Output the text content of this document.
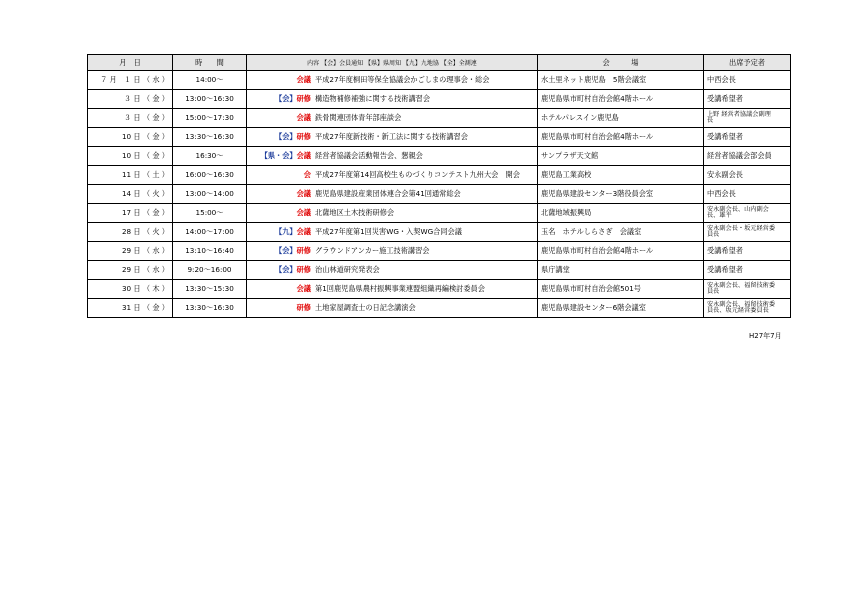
月　日	時　　間	内容 【会】会員通知 【県】県周知 【九】九地協 【全】全測連	会　　　場	出席予定者
７ 月　１ 日 （ 水 ）	14:00～	会議 平成27年度桐田等保全協議会かごしまの理事会・総会	水土里ネット鹿児島　5階会議室	中西会長

３ 日 （ 金 ）	13:00～16:30	【会】研修 構造物補修補強に関する技術講習会	鹿児島県市町村自治会館4階ホール	受講希望者

３ 日 （ 金 ）	15:00～17:30	会議 鉄骨関連団体青年部座談会	ホテルパレスイン鹿児島	上野 経営者協議会副理
長

10 日 （ 金 ）	13:30～16:30	【会】研修 平成27年度新技術・新工法に関する技術講習会	鹿児島県市町村自治会館4階ホール	受講希望者

10 日 （ 金 ）	16:30～	【県・会】会議 経営者協議会活動報告会、懇親会	サンプラザ天文館	経営者協議会部会員

11 日 （ 土 ）	16:00～16:30	会 平成27年度第14回高校生ものづくりコンテスト九州大会　開会	鹿児島工業高校	安永副会長

14 日 （ 火 ）	13:00～14:00	会議 鹿児島県建設産業団体連合会第41回通常総会	鹿児島県建設センター3階役員会室	中西会長

17 日 （ 金 ）	15:00～	会議 北薩地区土木技術研修会	北薩地域振興局	安永副会長、山内副会
長、雄平

28 日 （ 火 ）	14:00～17:00	【九】会議 平成27年度第1回災害WG・入契WG合同会議	玉名　ホテルしらさぎ　会議室	安永副会長・坂元経営委
員長

29 日 （ 水 ）	13:10～16:40	【会】研修 グラウンドアンカー施工技術講習会	鹿児島県市町村自治会館4階ホール	受講希望者

29 日 （ 水 ）	9:20～16:00	【会】研修 治山林道研究発表会	県庁講堂	受講希望者

30 日 （ 木 ）	13:30～15:30	会議 第1回鹿児島県農村振興事業連盟組織再編検討委員会	鹿児島県市町村自治会館501号	安永副会長、福留技術委
員長

31 日 （ 金 ）	13:30～16:30	研修 土地家屋調査士の日記念講演会	鹿児島県建設センター6階会議室	安永副会長、福留技術委
員長、坂元経営委員長
H27年7月
